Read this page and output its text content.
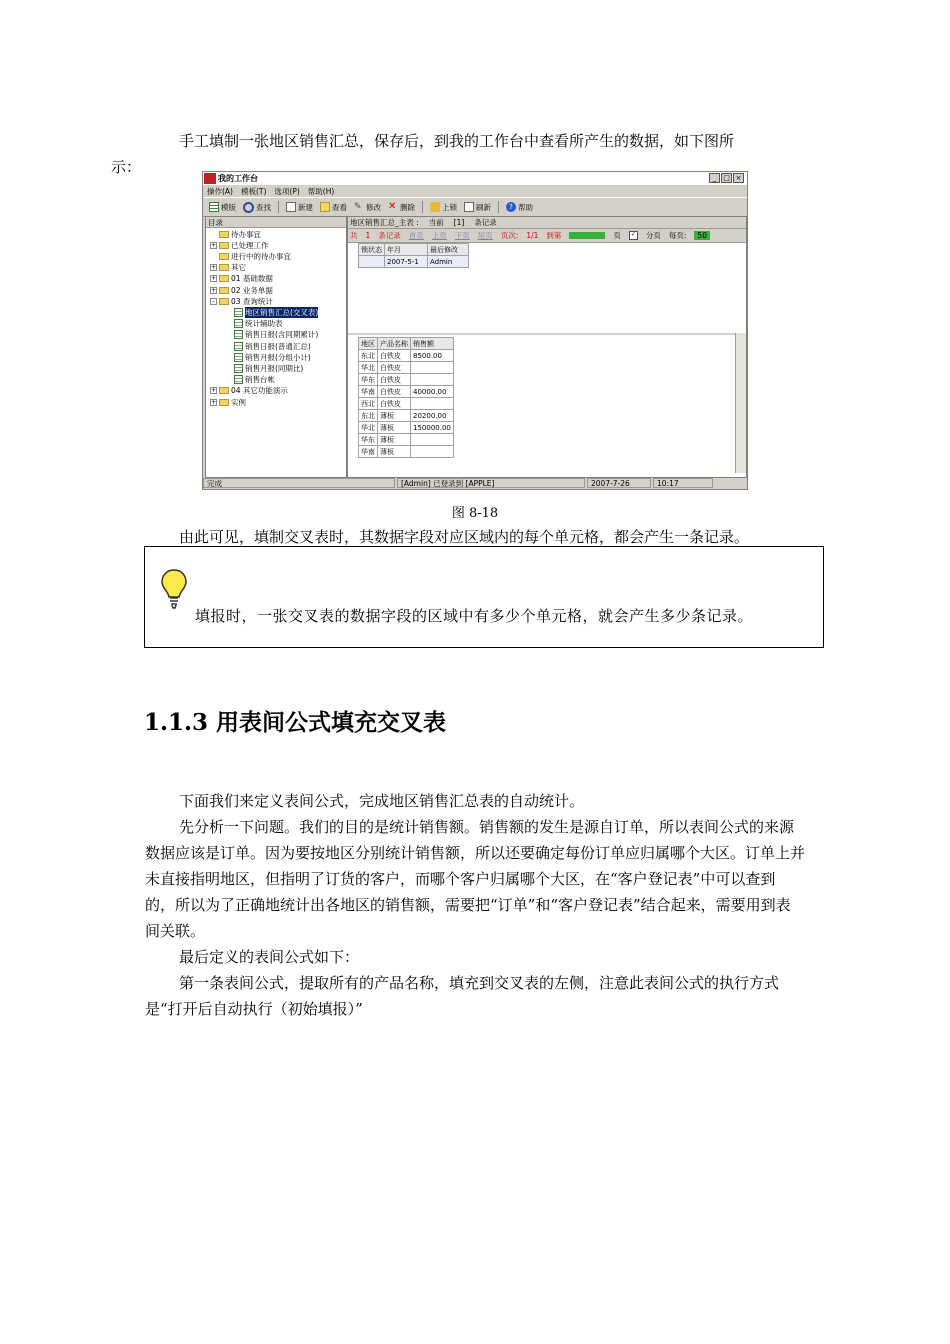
手工填制一张地区销售汇总，保存后，到我的工作台中查看所产生的数据，如下图所
示：

我的工作台	_ □ ×
操作(A) 模板(T) 选项(P) 帮助(H)
模版	查找	新建	查看 ✎ 修改 ✕ 删除	上锁	刷新	? 帮助
目录
待办事宜
+ 已处理工作
进行中的待办事宜
+ 其它
+ 01 基础数据
+ 02 业务单据
-	03 查询统计
地区销售汇总(交叉表)
统计辅助表
销售日报(含同期累计)
销售日报(普通汇总)
销售月报(分组小计)
销售月报(同期比)
销售台帐
+ 04 其它功能演示
+ 实例
地区销售汇总_主表 : 当前 [1] 条记录
共 1 条记录 首页 上页 下页 尾页 页次: 1/1 到第	页	✓ 分页 每页:	50
锁状态	年月	最后修改
	2007-5-1	Admin
地区	产品名称	销售额
东北	白铁皮	8500.00
华北	白铁皮	
华东	白铁皮	
华南	白铁皮	40000.00
西北	白铁皮	
东北	薄板	20200.00
华北	薄板	150000.00
华东	薄板	
华南	薄板	
完成	[Admin] 已登录到 [APPLE]	2007-7-26	10:17
图 8-18

由此可见，填制交叉表时，其数据字段对应区域内的每个单元格，都会产生一条记录。

填报时，一张交叉表的数据字段的区域中有多少个单元格，就会产生多少条记录。
1.1.3 用表间公式填充交叉表

下面我们来定义表间公式，完成地区销售汇总表的自动统计。

先分析一下问题。我们的目的是统计销售额。销售额的发生是源自订单，所以表间公式的来源数据应该是订单。因为要按地区分别统计销售额，所以还要确定每份订单应归属哪个大区。订单上并未直接指明地区，但指明了订货的客户，而哪个客户归属哪个大区，在“客户登记表”中可以查到的，所以为了正确地统计出各地区的销售额，需要把“订单”和“客户登记表”结合起来，需要用到表间关联。

最后定义的表间公式如下：

第一条表间公式，提取所有的产品名称，填充到交叉表的左侧，注意此表间公式的执行方式是“打开后自动执行（初始填报）”
